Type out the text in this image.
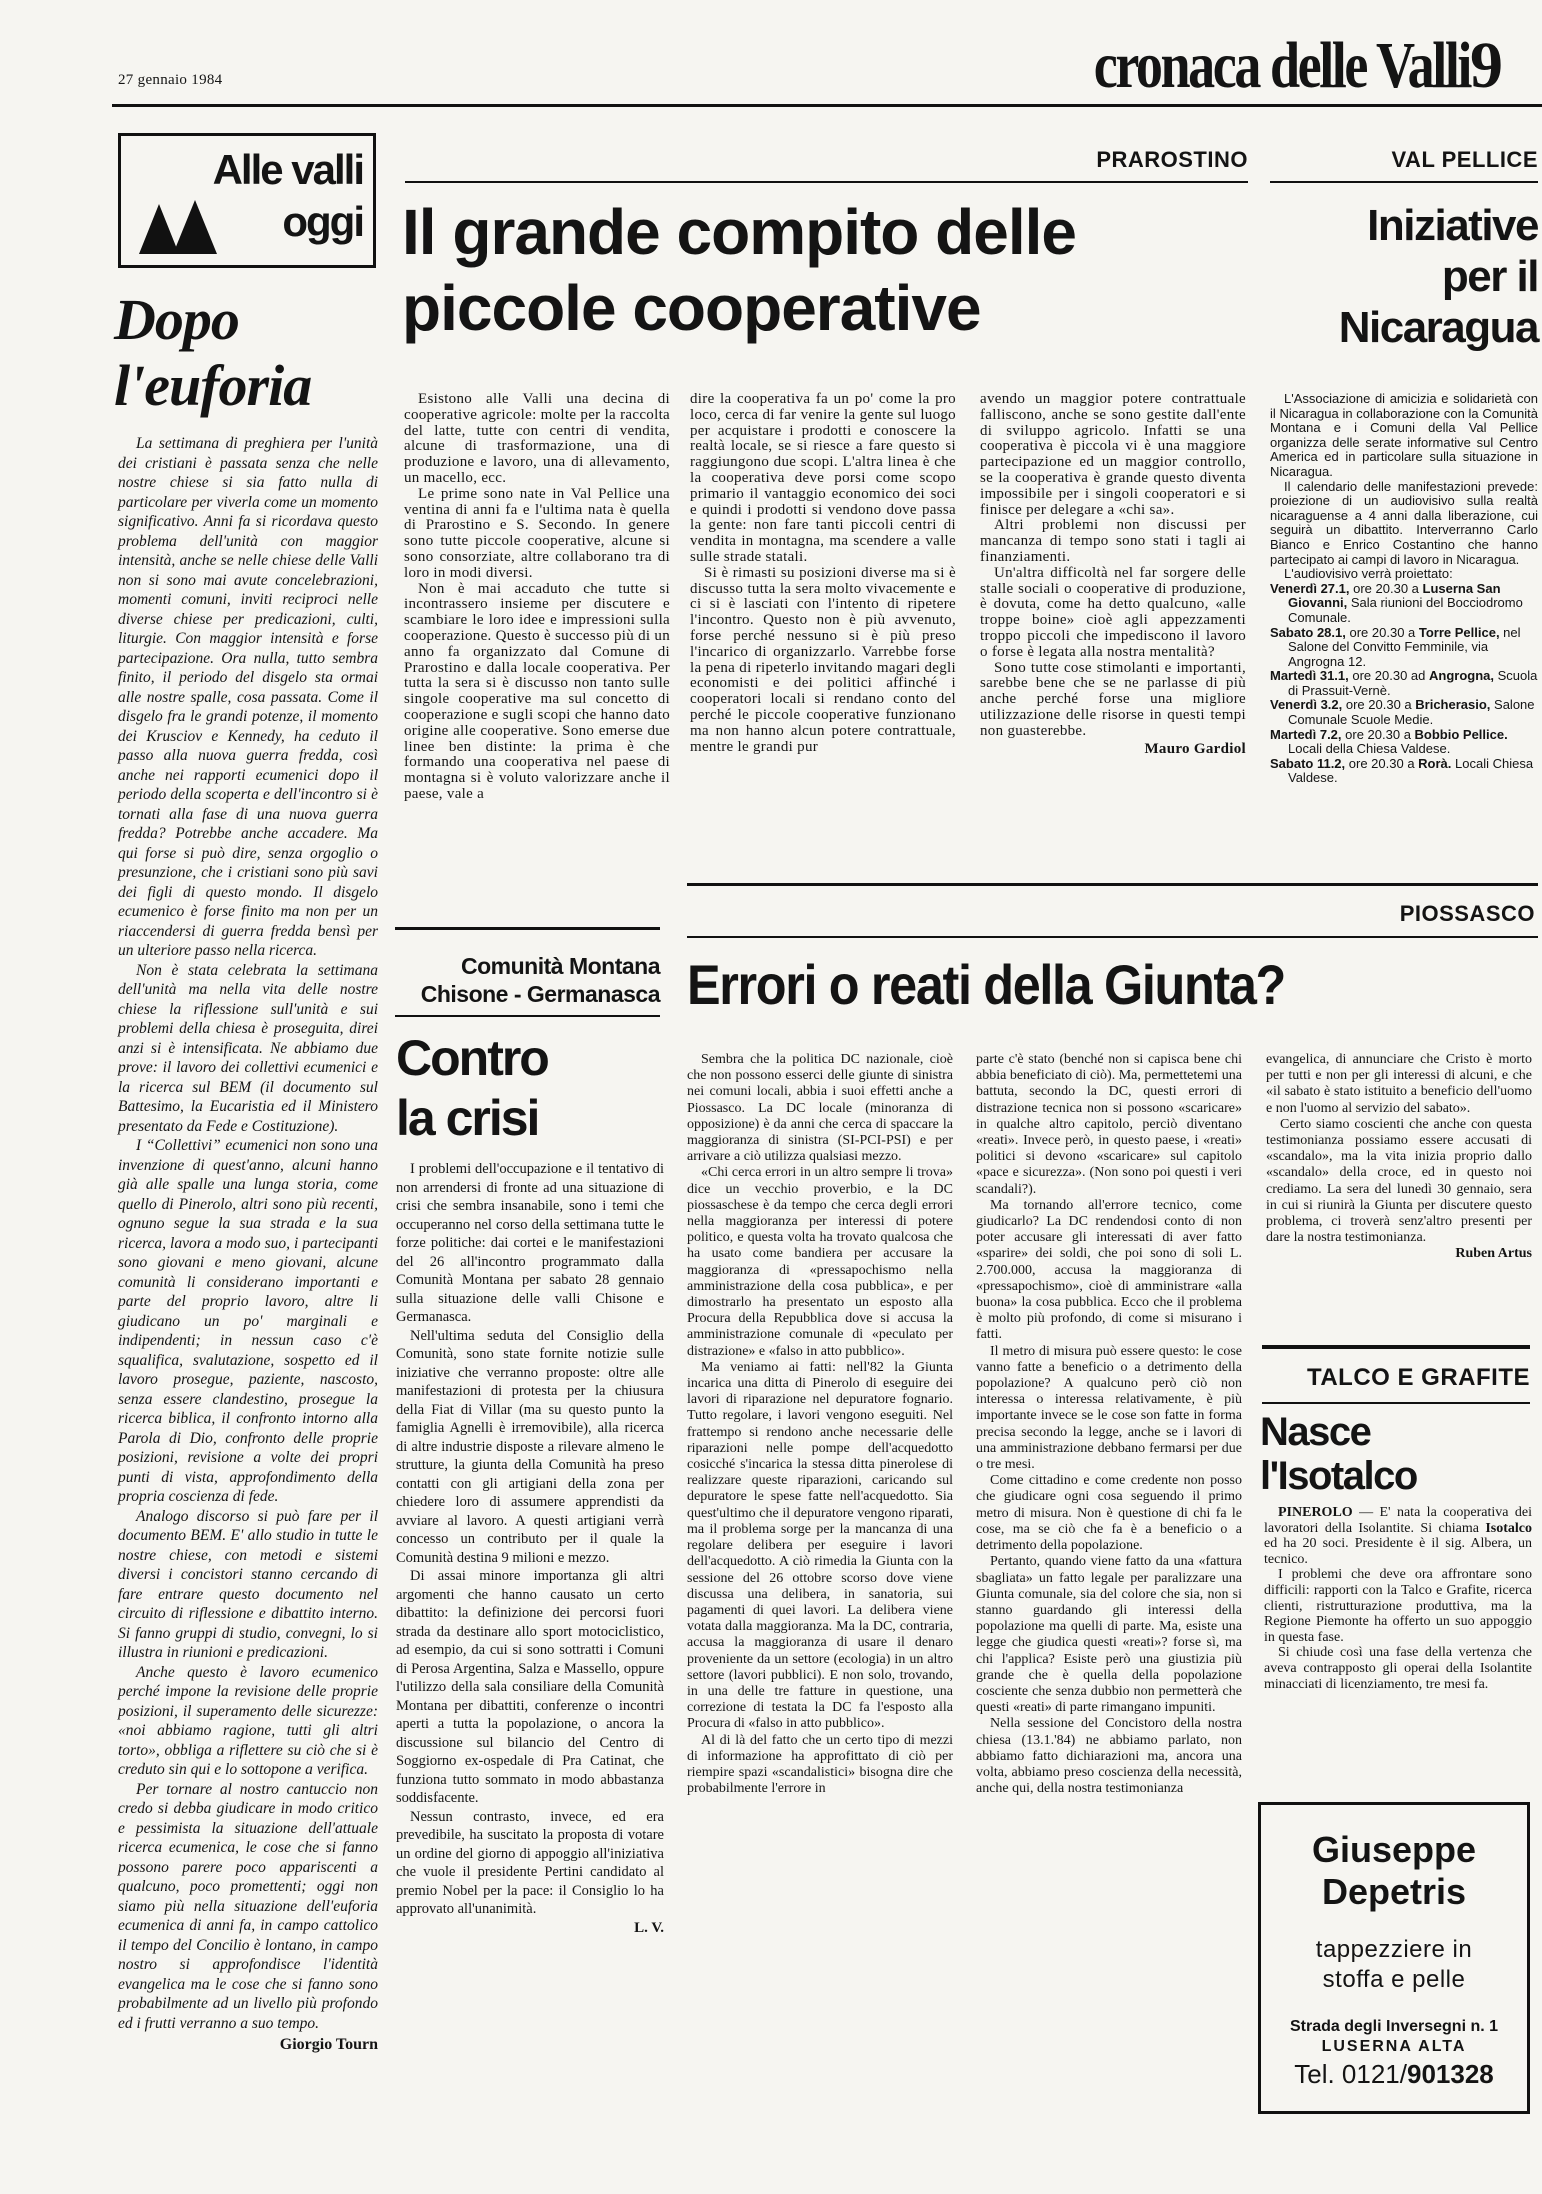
27 gennaio 1984	cronaca delle Valli 9
Alle valli
oggi
Dopo
l'euforia

La settimana di preghiera per l'unità dei cristiani è passata senza che nelle nostre chiese si sia fatto nulla di particolare per viverla come un momento significativo. Anni fa si ricordava questo problema dell'unità con maggior intensità, anche se nelle chiese delle Valli non si sono mai avute concelebrazioni, momenti comuni, inviti reciproci nelle diverse chiese per predicazioni, culti, liturgie. Con maggior intensità e forse partecipazione. Ora nulla, tutto sembra finito, il periodo del disgelo sta ormai alle nostre spalle, cosa passata. Come il disgelo fra le grandi potenze, il momento dei Krusciov e Kennedy, ha ceduto il passo alla nuova guerra fredda, così anche nei rapporti ecumenici dopo il periodo della scoperta e dell'incontro si è tornati alla fase di una nuova guerra fredda? Potrebbe anche accadere. Ma qui forse si può dire, senza orgoglio o presunzione, che i cristiani sono più savi dei figli di questo mondo. Il disgelo ecumenico è forse finito ma non per un riaccendersi di guerra fredda bensì per un ulteriore passo nella ricerca.

Non è stata celebrata la settimana dell'unità ma nella vita delle nostre chiese la riflessione sull'unità e sui problemi della chiesa è proseguita, direi anzi si è intensificata. Ne abbiamo due prove: il lavoro dei collettivi ecumenici e la ricerca sul BEM (il documento sul Battesimo, la Eucaristia ed il Ministero presentato da Fede e Costituzione).

I “Collettivi” ecumenici non sono una invenzione di quest'anno, alcuni hanno già alle spalle una lunga storia, come quello di Pinerolo, altri sono più recenti, ognuno segue la sua strada e la sua ricerca, lavora a modo suo, i partecipanti sono giovani e meno giovani, alcune comunità li considerano importanti e parte del proprio lavoro, altre li giudicano un po' marginali e indipendenti; in nessun caso c'è squalifica, svalutazione, sospetto ed il lavoro prosegue, paziente, nascosto, senza essere clandestino, prosegue la ricerca biblica, il confronto intorno alla Parola di Dio, confronto delle proprie posizioni, revisione a volte dei propri punti di vista, approfondimento della propria coscienza di fede.

Analogo discorso si può fare per il documento BEM. E' allo studio in tutte le nostre chiese, con metodi e sistemi diversi i concistori stanno cercando di fare entrare questo documento nel circuito di riflessione e dibattito interno. Si fanno gruppi di studio, convegni, lo si illustra in riunioni e predicazioni.

Anche questo è lavoro ecumenico perché impone la revisione delle proprie posizioni, il superamento delle sicurezze: «noi abbiamo ragione, tutti gli altri torto», obbliga a riflettere su ciò che si è creduto sin qui e lo sottopone a verifica.

Per tornare al nostro cantuccio non credo si debba giudicare in modo critico e pessimista la situazione dell'attuale ricerca ecumenica, le cose che si fanno possono parere poco appariscenti a qualcuno, poco promettenti; oggi non siamo più nella situazione dell'euforia ecumenica di anni fa, in campo cattolico il tempo del Concilio è lontano, in campo nostro si approfondisce l'identità evangelica ma le cose che si fanno sono probabilmente ad un livello più profondo ed i frutti verranno a suo tempo.

Giorgio Tourn
PRAROSTINO
Il grande compito delle
piccole cooperative

Esistono alle Valli una decina di cooperative agricole: molte per la raccolta del latte, tutte con centri di vendita, alcune di trasformazione, una di produzione e lavoro, una di allevamento, un macello, ecc.

Le prime sono nate in Val Pellice una ventina di anni fa e l'ultima nata è quella di Prarostino e S. Secondo. In genere sono tutte piccole cooperative, alcune si sono consorziate, altre collaborano tra di loro in modi diversi.

Non è mai accaduto che tutte si incontrassero insieme per discutere e scambiare le loro idee e impressioni sulla cooperazione. Questo è successo più di un anno fa organizzato dal Comune di Prarostino e dalla locale cooperativa. Per tutta la sera si è discusso non tanto sulle singole cooperative ma sul concetto di cooperazione e sugli scopi che hanno dato origine alle cooperative. Sono emerse due linee ben distinte: la prima è che formando una cooperativa nel paese di montagna si è voluto valorizzare anche il paese, vale a

dire la cooperativa fa un po' come la pro loco, cerca di far venire la gente sul luogo per acquistare i prodotti e conoscere la realtà locale, se si riesce a fare questo si raggiungono due scopi. L'altra linea è che la cooperativa deve porsi come scopo primario il vantaggio economico dei soci e quindi i prodotti si vendono dove passa la gente: non fare tanti piccoli centri di vendita in montagna, ma scendere a valle sulle strade statali.

Si è rimasti su posizioni diverse ma si è discusso tutta la sera molto vivacemente e ci si è lasciati con l'intento di ripetere l'incontro. Questo non è più avvenuto, forse perché nessuno si è più preso l'incarico di organizzarlo. Varrebbe forse la pena di ripeterlo invitando magari degli economisti e dei politici affinché i cooperatori locali si rendano conto del perché le piccole cooperative funzionano ma non hanno alcun potere contrattuale, mentre le grandi pur

avendo un maggior potere contrattuale falliscono, anche se sono gestite dall'ente di sviluppo agricolo. Infatti se una cooperativa è piccola vi è una maggiore partecipazione ed un maggior controllo, se la cooperativa è grande questo diventa impossibile per i singoli cooperatori e si finisce per delegare a «chi sa».

Altri problemi non discussi per mancanza di tempo sono stati i tagli ai finanziamenti.

Un'altra difficoltà nel far sorgere delle stalle sociali o cooperative di produzione, è dovuta, come ha detto qualcuno, «alle troppe boine» cioè agli appezzamenti troppo piccoli che impediscono il lavoro o forse è legata alla nostra mentalità?

Sono tutte cose stimolanti e importanti, sarebbe bene che se ne parlasse di più anche perché forse una migliore utilizzazione delle risorse in questi tempi non guasterebbe.

Mauro Gardiol
VAL PELLICE
Iniziative
per il
Nicaragua

L'Associazione di amicizia e solidarietà con il Nicaragua in collaborazione con la Comunità Montana e i Comuni della Val Pellice organizza delle serate informative sul Centro America ed in particolare sulla situazione in Nicaragua.

Il calendario delle manifestazioni prevede: proiezione di un audiovisivo sulla realtà nicaraguense a 4 anni dalla liberazione, cui seguirà un dibattito. Interverranno Carlo Bianco e Enrico Costantino che hanno partecipato ai campi di lavoro in Nicaragua.

L'audiovisivo verrà proiettato:

Venerdì 27.1, ore 20.30 a Luserna San Giovanni, Sala riunioni del Bocciodromo Comunale.

Sabato 28.1, ore 20.30 a Torre Pellice, nel Salone del Convitto Femminile, via Angrogna 12.

Martedì 31.1, ore 20.30 ad Angrogna, Scuola di Prassuit-Vernè.

Venerdì 3.2, ore 20.30 a Bricherasio, Salone Comunale Scuole Medie.

Martedì 7.2, ore 20.30 a Bobbio Pellice. Locali della Chiesa Valdese.

Sabato 11.2, ore 20.30 a Rorà. Locali Chiesa Valdese.

PIOSSASCO
Comunità Montana
Chisone - Germanasca
Contro
la crisi

I problemi dell'occupazione e il tentativo di non arrendersi di fronte ad una situazione di crisi che sembra insanabile, sono i temi che occuperanno nel corso della settimana tutte le forze politiche: dai cortei e le manifestazioni del 26 all'incontro programmato dalla Comunità Montana per sabato 28 gennaio sulla situazione delle valli Chisone e Germanasca.

Nell'ultima seduta del Consiglio della Comunità, sono state fornite notizie sulle iniziative che verranno proposte: oltre alle manifestazioni di protesta per la chiusura della Fiat di Villar (ma su questo punto la famiglia Agnelli è irremovibile), alla ricerca di altre industrie disposte a rilevare almeno le strutture, la giunta della Comunità ha preso contatti con gli artigiani della zona per chiedere loro di assumere apprendisti da avviare al lavoro. A questi artigiani verrà concesso un contributo per il quale la Comunità destina 9 milioni e mezzo.

Di assai minore importanza gli altri argomenti che hanno causato un certo dibattito: la definizione dei percorsi fuori strada da destinare allo sport motociclistico, ad esempio, da cui si sono sottratti i Comuni di Perosa Argentina, Salza e Massello, oppure l'utilizzo della sala consiliare della Comunità Montana per dibattiti, conferenze o incontri aperti a tutta la popolazione, o ancora la discussione sul bilancio del Centro di Soggiorno ex-ospedale di Pra Catinat, che funziona tutto sommato in modo abbastanza soddisfacente.

Nessun contrasto, invece, ed era prevedibile, ha suscitato la proposta di votare un ordine del giorno di appoggio all'iniziativa che vuole il presidente Pertini candidato al premio Nobel per la pace: il Consiglio lo ha approvato all'unanimità.

L. V.
Errori o reati della Giunta?

Sembra che la politica DC nazionale, cioè che non possono esserci delle giunte di sinistra nei comuni locali, abbia i suoi effetti anche a Piossasco. La DC locale (minoranza di opposizione) è da anni che cerca di spaccare la maggioranza di sinistra (SI-PCI-PSI) e per arrivare a ciò utilizza qualsiasi mezzo.

«Chi cerca errori in un altro sempre li trova» dice un vecchio proverbio, e la DC piossaschese è da tempo che cerca degli errori nella maggioranza per interessi di potere politico, e questa volta ha trovato qualcosa che ha usato come bandiera per accusare la maggioranza di «pressapochismo nella amministrazione della cosa pubblica», e per dimostrarlo ha presentato un esposto alla Procura della Repubblica dove si accusa la amministrazione comunale di «peculato per distrazione» e «falso in atto pubblico».

Ma veniamo ai fatti: nell'82 la Giunta incarica una ditta di Pinerolo di eseguire dei lavori di riparazione nel depuratore fognario. Tutto regolare, i lavori vengono eseguiti. Nel frattempo si rendono anche necessarie delle riparazioni nelle pompe dell'acquedotto cosicché s'incarica la stessa ditta pinerolese di realizzare queste riparazioni, caricando sul depuratore le spese fatte nell'acquedotto. Sia quest'ultimo che il depuratore vengono riparati, ma il problema sorge per la mancanza di una regolare delibera per eseguire i lavori dell'acquedotto. A ciò rimedia la Giunta con la sessione del 26 ottobre scorso dove viene discussa una delibera, in sanatoria, sui pagamenti di quei lavori. La delibera viene votata dalla maggioranza. Ma la DC, contraria, accusa la maggioranza di usare il denaro proveniente da un settore (ecologia) in un altro settore (lavori pubblici). E non solo, trovando, in una delle tre fatture in questione, una correzione di testata la DC fa l'esposto alla Procura di «falso in atto pubblico».

Al di là del fatto che un certo tipo di mezzi di informazione ha approfittato di ciò per riempire spazi «scandalistici» bisogna dire che probabilmente l'errore in

parte c'è stato (benché non si capisca bene chi abbia beneficiato di ciò). Ma, permettetemi una battuta, secondo la DC, questi errori di distrazione tecnica non si possono «scaricare» in qualche altro capitolo, perciò diventano «reati». Invece però, in questo paese, i «reati» politici si devono «scaricare» sul capitolo «pace e sicurezza». (Non sono poi questi i veri scandali?).

Ma tornando all'errore tecnico, come giudicarlo? La DC rendendosi conto di non poter accusare gli interessati di aver fatto «sparire» dei soldi, che poi sono di soli L. 2.700.000, accusa la maggioranza di «pressapochismo», cioè di amministrare «alla buona» la cosa pubblica. Ecco che il problema è molto più profondo, di come si misurano i fatti.

Il metro di misura può essere questo: le cose vanno fatte a beneficio o a detrimento della popolazione? A qualcuno però ciò non interessa o interessa relativamente, è più importante invece se le cose son fatte in forma precisa secondo la legge, anche se i lavori di una amministrazione debbano fermarsi per due o tre mesi.

Come cittadino e come credente non posso che giudicare ogni cosa seguendo il primo metro di misura. Non è questione di chi fa le cose, ma se ciò che fa è a beneficio o a detrimento della popolazione.

Pertanto, quando viene fatto da una «fattura sbagliata» un fatto legale per paralizzare una Giunta comunale, sia del colore che sia, non si stanno guardando gli interessi della popolazione ma quelli di parte. Ma, esiste una legge che giudica questi «reati»? forse sì, ma chi l'applica? Esiste però una giustizia più grande che è quella della popolazione cosciente che senza dubbio non permetterà che questi «reati» di parte rimangano impuniti.

Nella sessione del Concistoro della nostra chiesa (13.1.'84) ne abbiamo parlato, non abbiamo fatto dichiarazioni ma, ancora una volta, abbiamo preso coscienza della necessità, anche qui, della nostra testimonianza

evangelica, di annunciare che Cristo è morto per tutti e non per gli interessi di alcuni, e che «il sabato è stato istituito a beneficio dell'uomo e non l'uomo al servizio del sabato».

Certo siamo coscienti che anche con questa testimonianza possiamo essere accusati di «scandalo», ma la vita inizia proprio dallo «scandalo» della croce, ed in questo noi crediamo. La sera del lunedì 30 gennaio, sera in cui si riunirà la Giunta per discutere questo problema, ci troverà senz'altro presenti per dare la nostra testimonianza.

Ruben Artus
TALCO E GRAFITE
Nasce
l'Isotalco

PINEROLO — E' nata la cooperativa dei lavoratori della Isolantite. Si chiama Isotalco ed ha 20 soci. Presidente è il sig. Albera, un tecnico.

I problemi che deve ora affrontare sono difficili: rapporti con la Talco e Grafite, ricerca clienti, ristrutturazione produttiva, ma la Regione Piemonte ha offerto un suo appoggio in questa fase.

Si chiude così una fase della vertenza che aveva contrapposto gli operai della Isolantite minacciati di licenziamento, tre mesi fa.

Giuseppe
Depetris
tappezziere in
stoffa e pelle
Strada degli Inversegni n. 1
LUSERNA ALTA
Tel. 0121/901328
